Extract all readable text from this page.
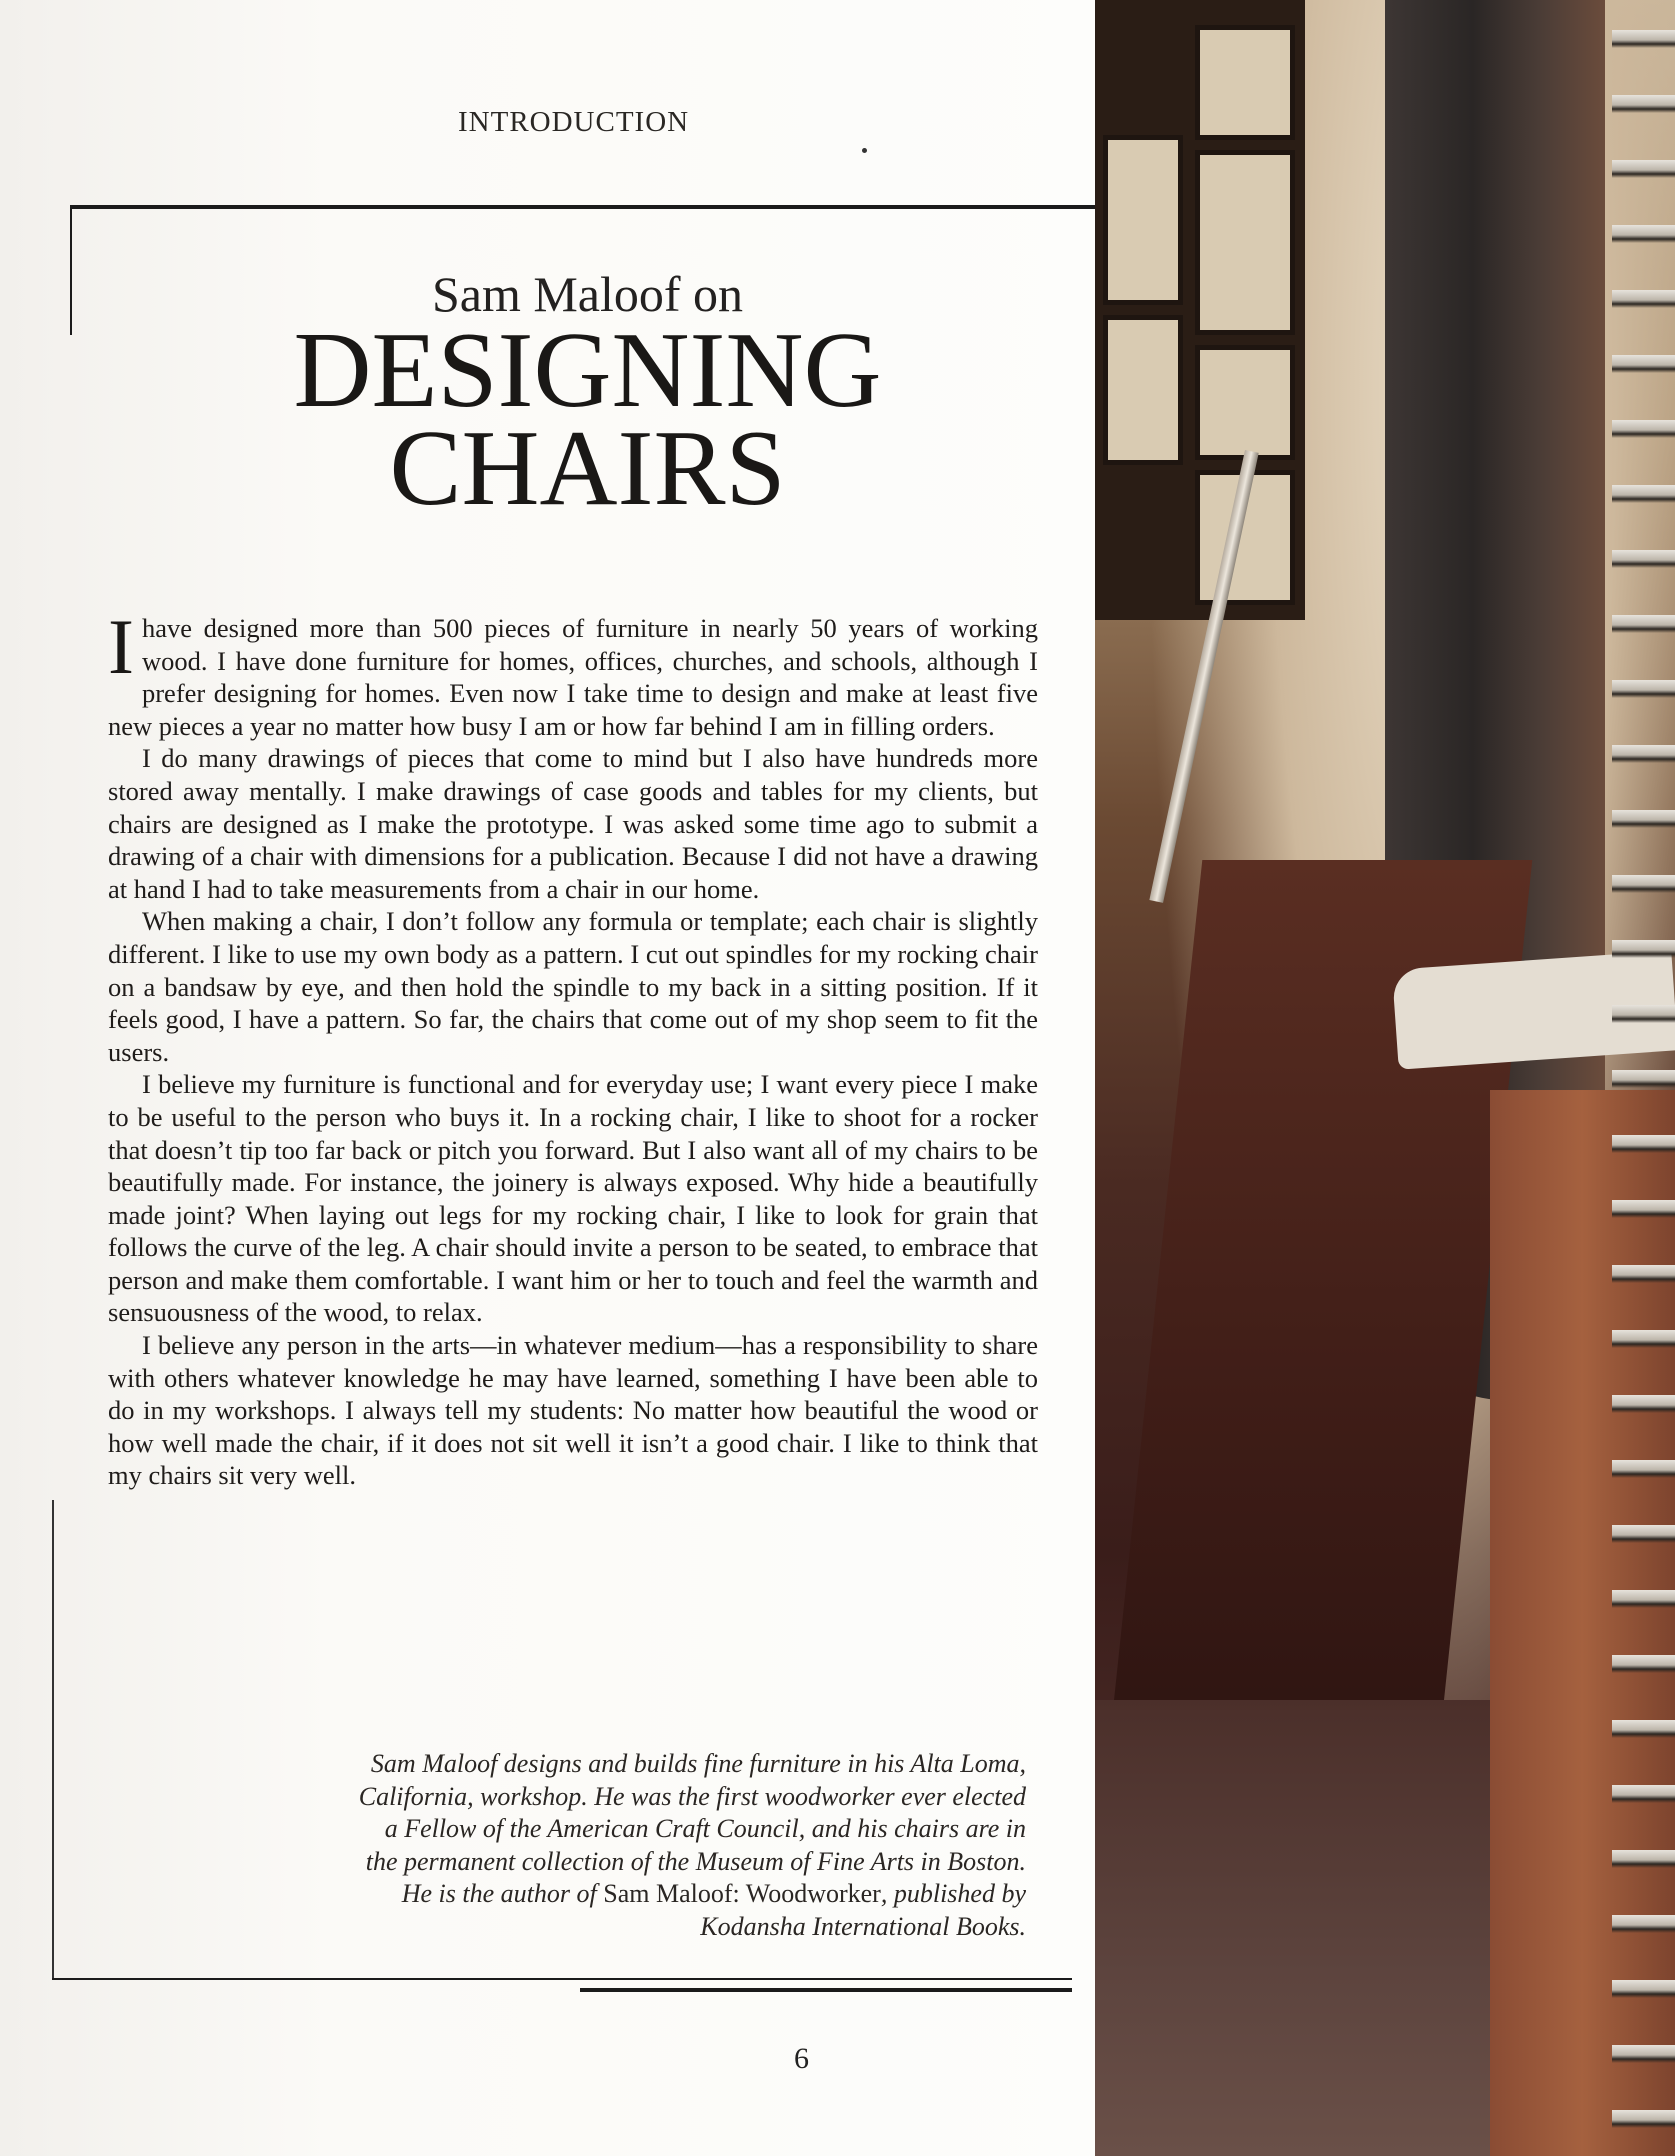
INTRODUCTION
Sam Maloof on
DESIGNING
CHAIRS

Ihave designed more than 500 pieces of furniture in nearly 50 years of working wood. I have done furniture for homes, offices, churches, and schools, although I prefer designing for homes. Even now I take time to design and make at least five new pieces a year no matter how busy I am or how far behind I am in filling orders.

I do many drawings of pieces that come to mind but I also have hundreds more stored away mentally. I make drawings of case goods and tables for my clients, but chairs are designed as I make the prototype. I was asked some time ago to submit a drawing of a chair with dimensions for a publication. Because I did not have a drawing at hand I had to take measurements from a chair in our home.

When making a chair, I don’t follow any formula or template; each chair is slightly different. I like to use my own body as a pattern. I cut out spindles for my rocking chair on a bandsaw by eye, and then hold the spindle to my back in a sitting position. If it feels good, I have a pattern. So far, the chairs that come out of my shop seem to fit the users.

I believe my furniture is functional and for everyday use; I want every piece I make to be useful to the person who buys it. In a rocking chair, I like to shoot for a rocker that doesn’t tip too far back or pitch you forward. But I also want all of my chairs to be beautifully made. For instance, the joinery is always exposed. Why hide a beautifully made joint? When laying out legs for my rocking chair, I like to look for grain that follows the curve of the leg. A chair should invite a person to be seated, to embrace that person and make them comfortable. I want him or her to touch and feel the warmth and sensuousness of the wood, to relax.

I believe any person in the arts—in whatever medium—has a responsibility to share with others whatever knowledge he may have learned, something I have been able to do in my workshops. I always tell my students: No matter how beautiful the wood or how well made the chair, if it does not sit well it isn’t a good chair. I like to think that my chairs sit very well.

Sam Maloof designs and builds fine furniture in his Alta Loma, California, workshop. He was the first woodworker ever elected a Fellow of the American Craft Council, and his chairs are in the permanent collection of the Museum of Fine Arts in Boston. He is the author of Sam Maloof: Woodworker, published by Kodansha International Books.
6
